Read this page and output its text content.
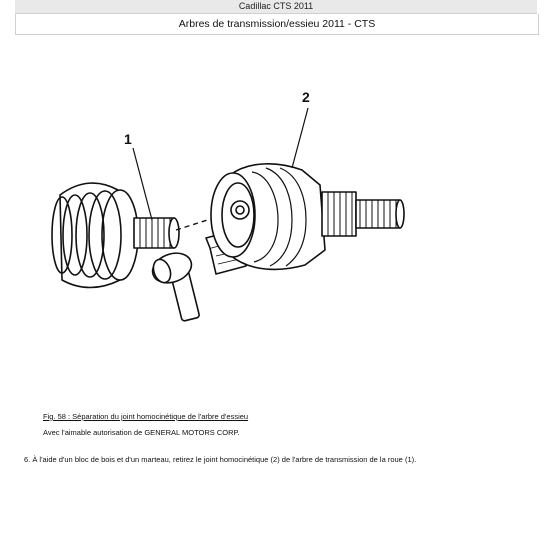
Cadillac CTS 2011
Arbres de transmission/essieu 2011 - CTS
1
2
Fig. 58 : Séparation du joint homocinétique de l'arbre d'essieu
Avec l'aimable autorisation de GENERAL MOTORS CORP.
6. À l'aide d'un bloc de bois et d'un marteau, retirez le joint homocinétique (2) de l'arbre de transmission de la roue (1).
